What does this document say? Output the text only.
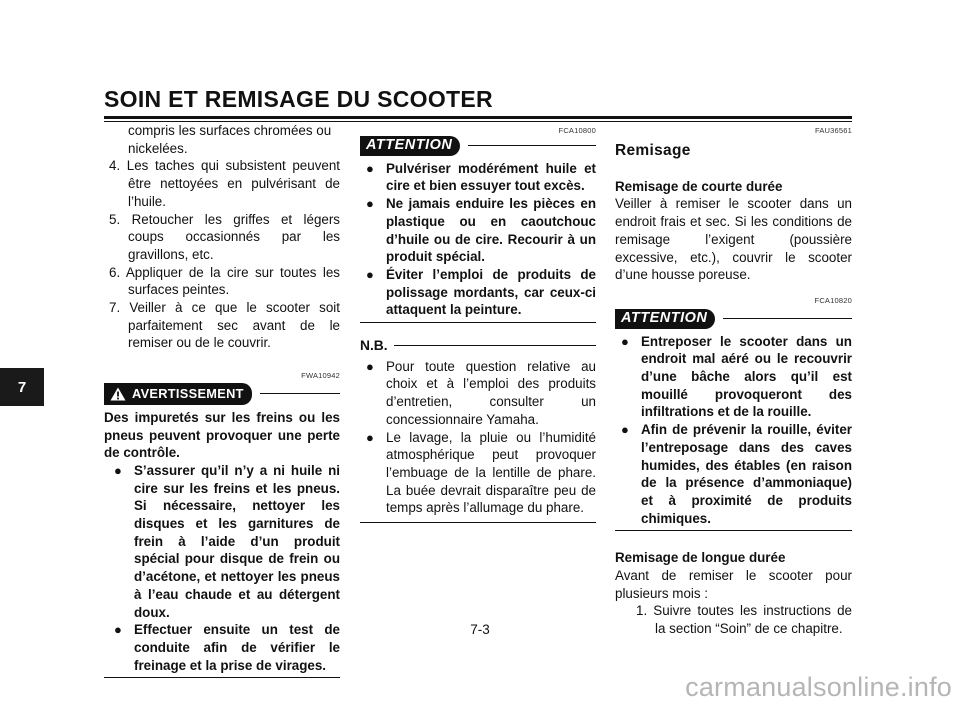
SOIN ET REMISAGE DU SCOOTER
7

compris les surfaces chromées ou

nickelées.

4. Les taches qui subsistent peuvent être nettoyées en pulvérisant de l’huile.

5. Retoucher les griffes et légers coups occasionnés par les gravillons, etc.

6. Appliquer de la cire sur toutes les surfaces peintes.

7. Veiller à ce que le scooter soit parfaitement sec avant de le remiser ou de le couvrir.

FWA10942

AVERTISSEMENT

Des impuretés sur les freins ou les pneus peuvent provoquer une perte de contrôle.

● S’assurer qu’il n’y a ni huile ni cire sur les freins et les pneus. Si nécessaire, nettoyer les disques et les garnitures de frein à l’aide d’un produit spécial pour disque de frein ou d’acétone, et nettoyer les pneus à l’eau chaude et au détergent doux.
● Effectuer ensuite un test de conduite afin de vérifier le freinage et la prise de virages.

FCA10800

ATTENTION
● Pulvériser modérément huile et cire et bien essuyer tout excès.
● Ne jamais enduire les pièces en plastique ou en caoutchouc d’huile ou de cire. Recourir à un produit spécial.
● Éviter l’emploi de produits de polissage mordants, car ceux-ci attaquent la peinture.
N.B.
● Pour toute question relative au choix et à l’emploi des produits d’entretien, consulter un concessionnaire Yamaha.
● Le lavage, la pluie ou l’humidité atmosphérique peut provoquer l’embuage de la lentille de phare. La buée devrait disparaître peu de temps après l’allumage du phare.

FAU36561

Remisage

Remisage de courte durée

Veiller à remiser le scooter dans un endroit frais et sec. Si les conditions de remisage l’exigent (poussière excessive, etc.), couvrir le scooter d’une housse poreuse.

FCA10820

ATTENTION
● Entreposer le scooter dans un endroit mal aéré ou le recouvrir d’une bâche alors qu’il est mouillé provoqueront des infiltrations et de la rouille.
● Afin de prévenir la rouille, éviter l’entreposage dans des caves humides, des étables (en raison de la présence d’ammoniaque) et à proximité de produits chimiques.

Remisage de longue durée

Avant de remiser le scooter pour plusieurs mois :

1. Suivre toutes les instructions de la section “Soin” de ce chapitre.

7-3
carmanualsonline.info
